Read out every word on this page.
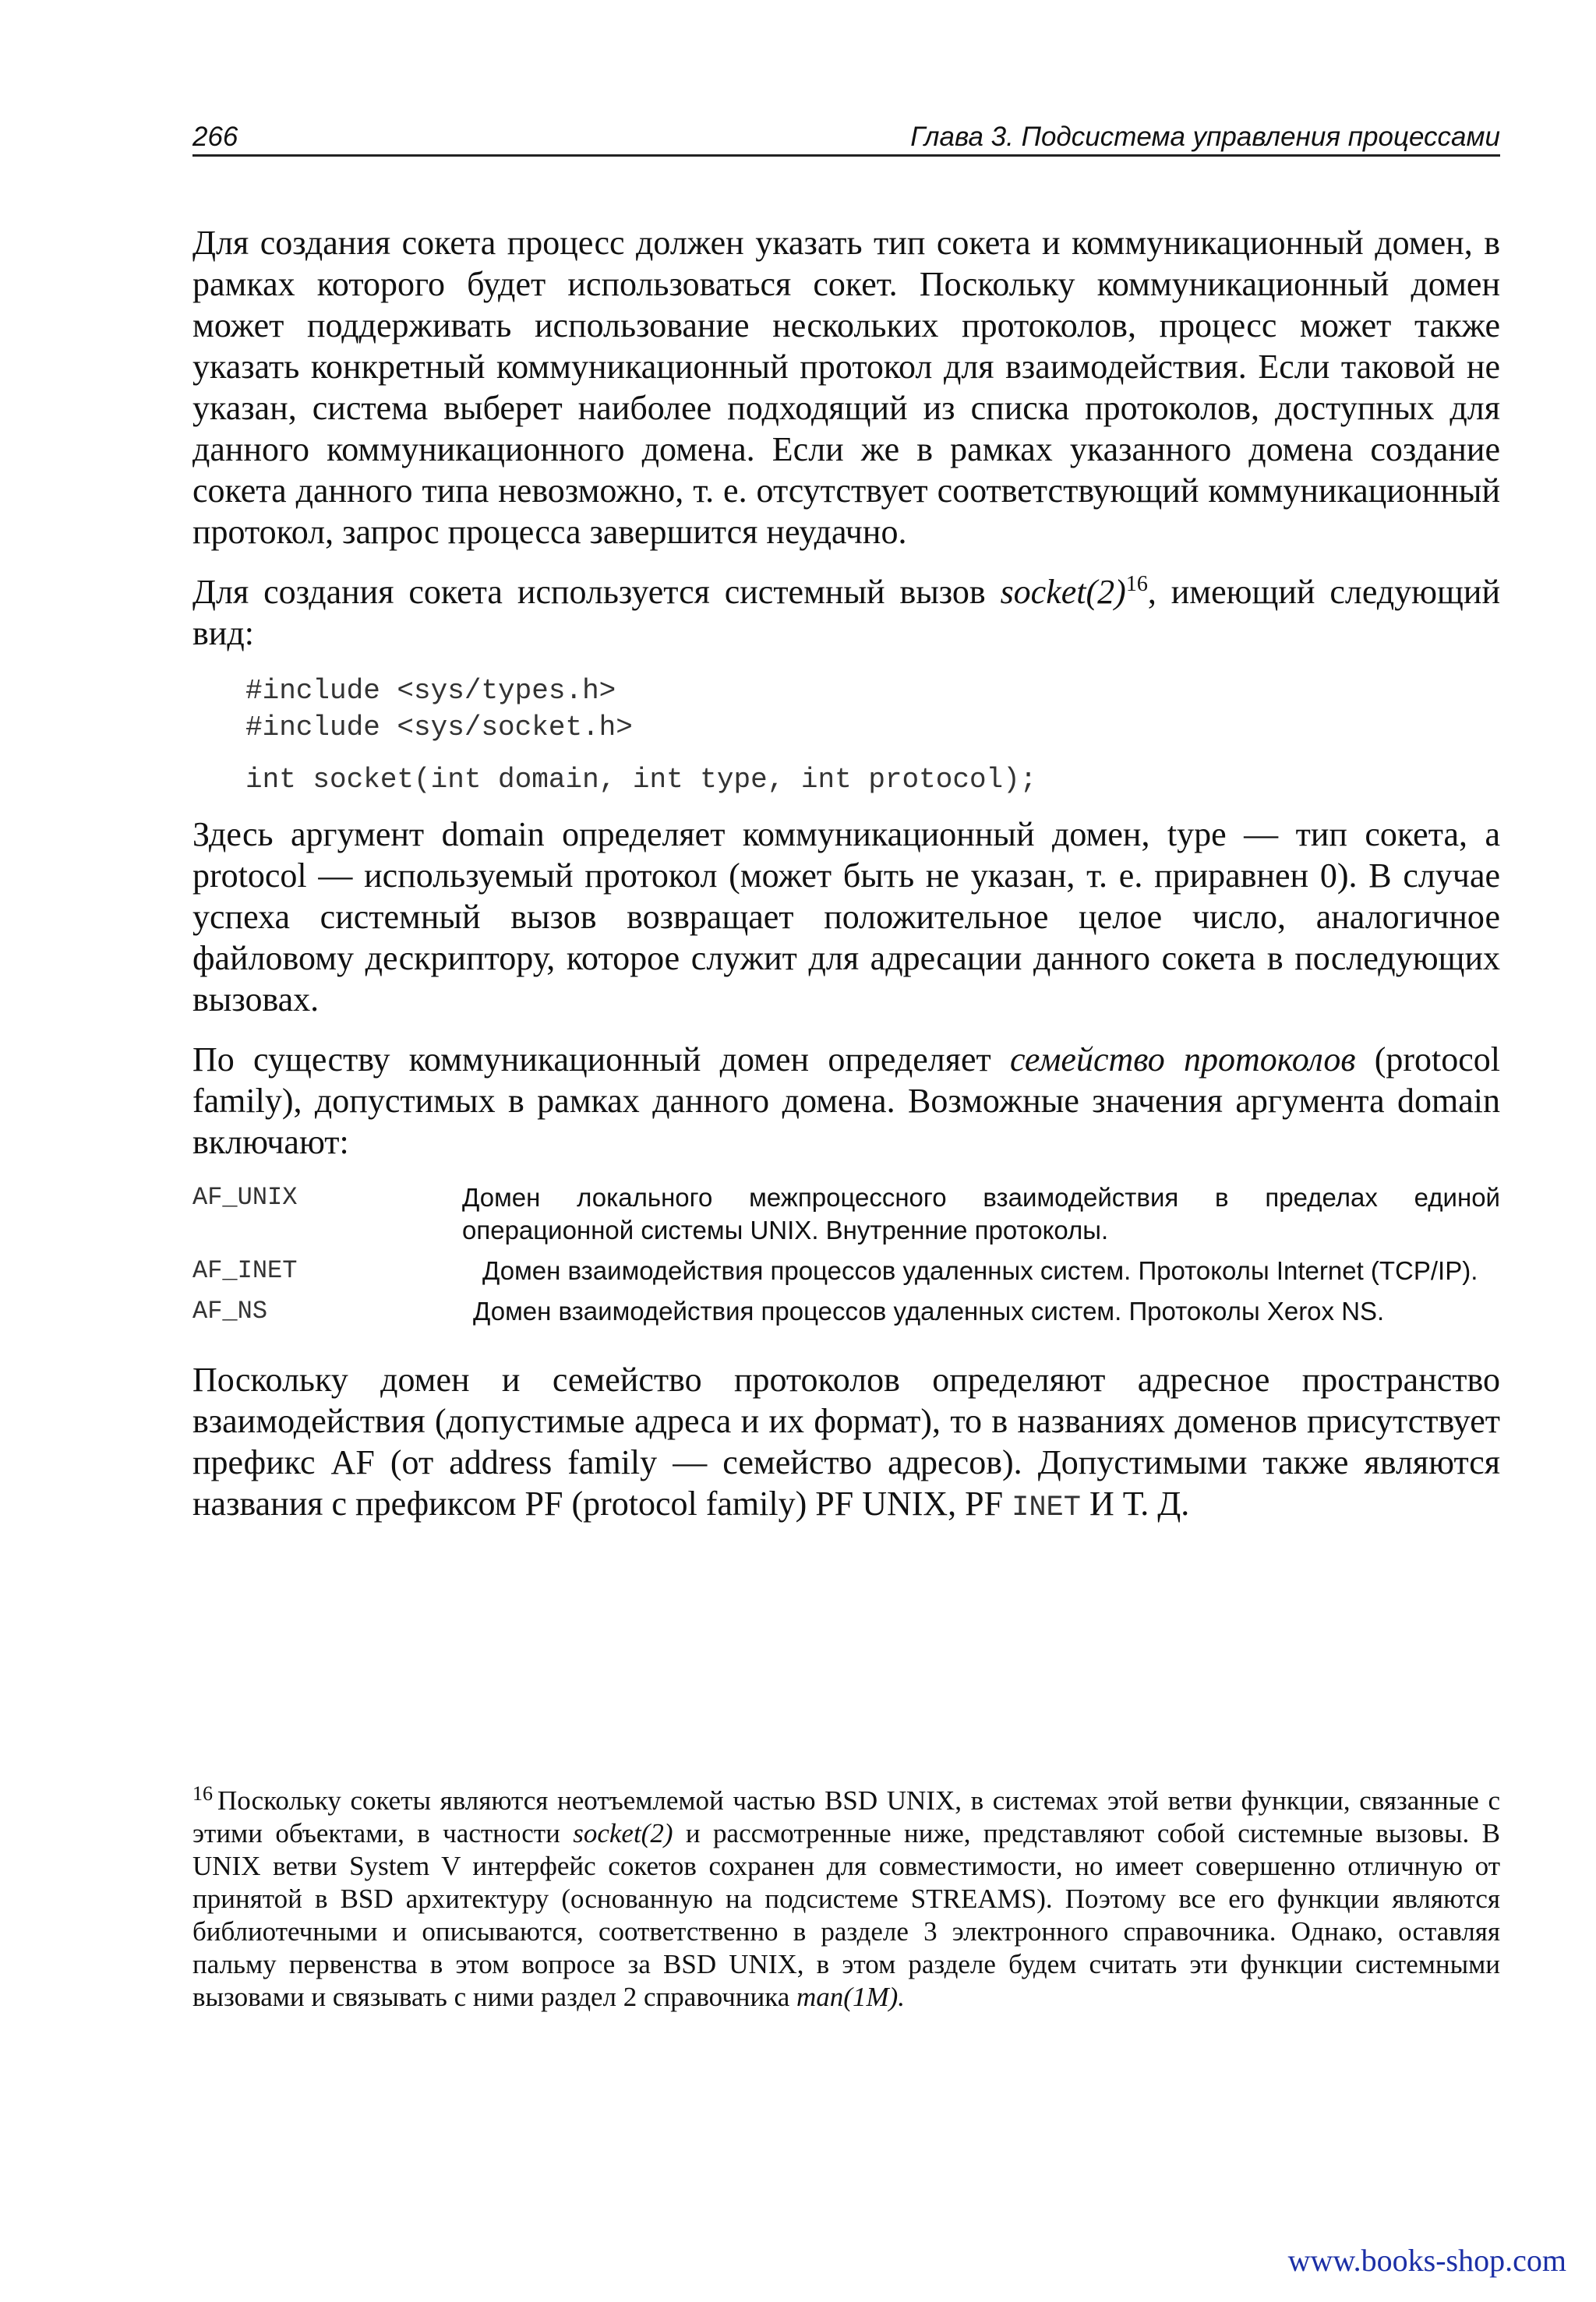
266	Глава 3. Подсистема управления процессами

Для создания сокета процесс должен указать тип сокета и коммуникационный домен, в рамках которого будет использоваться сокет. Поскольку коммуникационный домен может поддерживать использование нескольких протоколов, процесс может также указать конкретный коммуникационный протокол для взаимодействия. Если таковой не указан, система выберет наиболее подходящий из списка протоколов, доступных для данного коммуникационного домена. Если же в рамках указанного домена создание сокета данного типа невозможно, т. е. отсутствует соответствующий коммуникационный протокол, запрос процесса завершится неудачно.

Для создания сокета используется системный вызов $socket(2)^{16}$, имеющий следующий вид:

#include <sys/types.h>
#include <sys/socket.h>
int socket(int domain, int type, int protocol);

Здесь аргумент domain определяет коммуникационный домен, type — тип сокета, а protocol — используемый протокол (может быть не указан, т. е. приравнен 0). В случае успеха системный вызов возвращает положительное целое число, аналогичное файловому дескриптору, которое служит для адресации данного сокета в последующих вызовах.

По существу коммуникационный домен определяет семейство протоколов (protocol family), допустимых в рамках данного домена. Возможные значения аргумента domain включают:

AF_UNIX	Домен локального межпроцессного взаимодействия в пределах единой операционной системы UNIX. Внутренние протоколы.
AF_INET	Домен взаимодействия процессов удаленных систем. Протоколы Internet (TCP/IP).
AF_NS	Домен взаимодействия процессов удаленных систем. Протоколы Xerox NS.

Поскольку домен и семейство протоколов определяют адресное пространство взаимодействия (допустимые адреса и их формат), то в названиях доменов присутствует префикс AF (от address family — семейство адресов). Допустимыми также являются названия с префиксом PF (protocol family) PF UNIX, PF INET И Т. Д.

$^{16}$ Поскольку сокеты являются неотъемлемой частью BSD UNIX, в системах этой ветви функции, связанные с этими объектами, в частности socket(2) и рассмотренные ниже, представляют собой системные вызовы. В UNIX ветви System V интерфейс сокетов сохранен для совместимости, но имеет совершенно отличную от принятой в BSD архитектуру (основанную на подсистеме STREAMS). Поэтому все его функции являются библиотечными и описываются, соответственно в разделе 3 электронного справочника. Однако, оставляя пальму первенства в этом вопросе за BSD UNIX, в этом разделе будем считать эти функции системными вызовами и связывать с ними раздел 2 справочника man(1M).
www.books-shop.com
